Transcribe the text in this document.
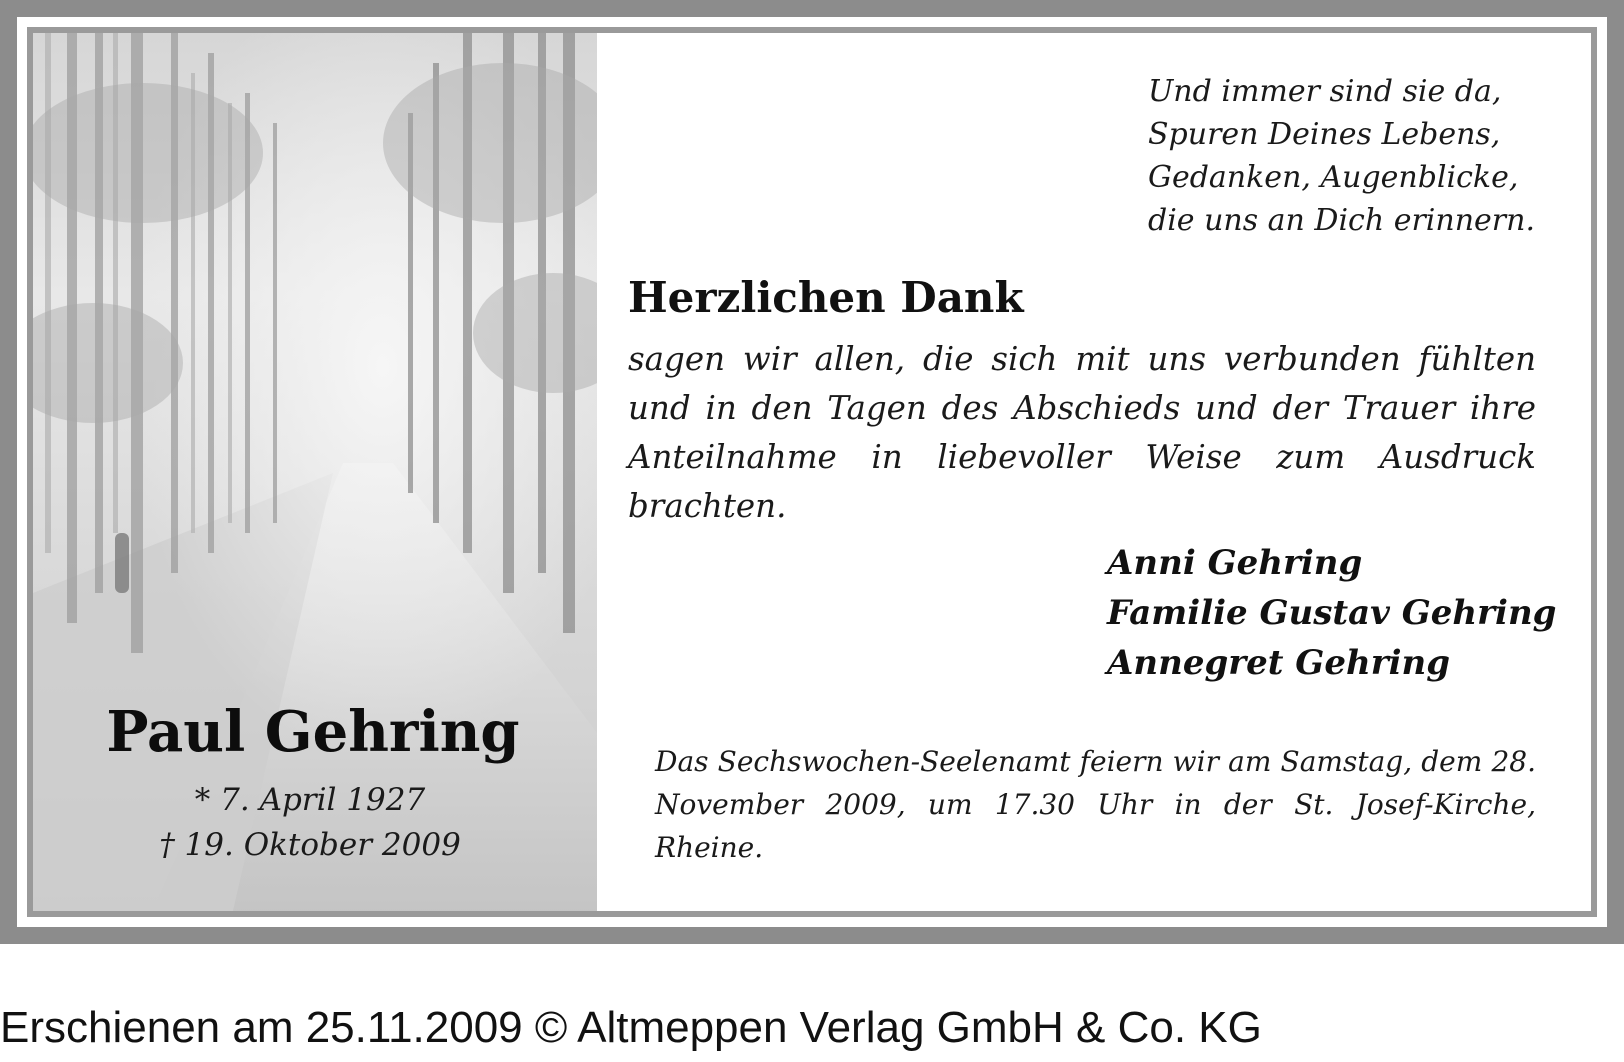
Und immer sind sie da,
Spuren Deines Lebens,
Gedanken, Augenblicke,
die uns an Dich erinnern.
Herzlichen Dank
sagen wir allen, die sich mit uns verbunden fühlten und in den Tagen des Abschieds und der Trauer ihre Anteilnahme in liebevoller Weise zum Ausdruck brachten.
Anni Gehring
Familie Gustav Gehring
Annegret Gehring
Das Sechswochen-Seelenamt feiern wir am Samstag, dem 28. November 2009, um 17.30 Uhr in der St. Josef-Kirche, Rheine.
Paul Gehring
* 7. April 1927
† 19. Oktober 2009
Erschienen am 25.11.2009 © Altmeppen Verlag GmbH & Co. KG
